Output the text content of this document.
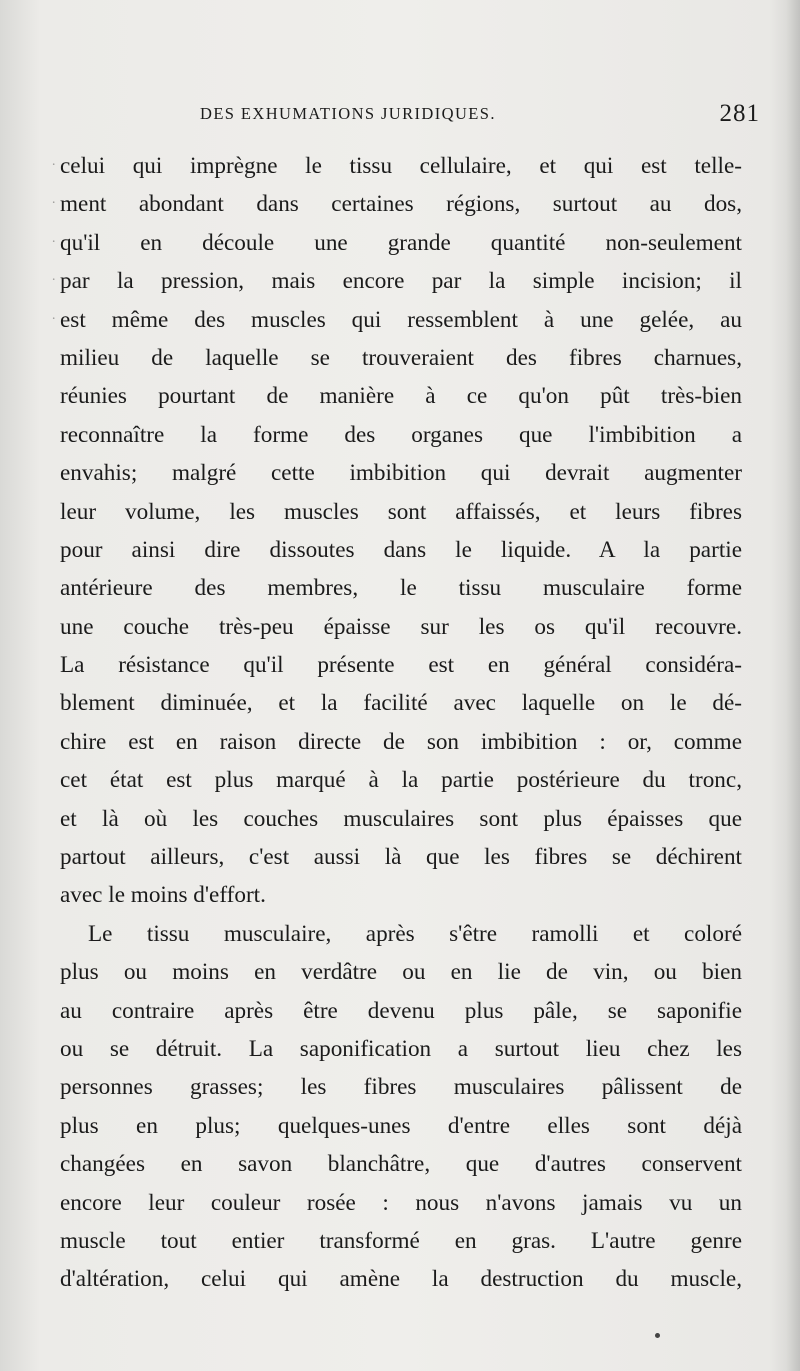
DES EXHUMATIONS JURIDIQUES.	281
·
·
·
·
·
celui qui imprègne le tissu cellulaire, et qui est telle-
ment abondant dans certaines régions, surtout au dos,
qu'il en découle une grande quantité non-seulement
par la pression, mais encore par la simple incision; il
est même des muscles qui ressemblent à une gelée, au
milieu de laquelle se trouveraient des fibres charnues,
réunies pourtant de manière à ce qu'on pût très-bien
reconnaître la forme des organes que l'imbibition a
envahis; malgré cette imbibition qui devrait augmenter
leur volume, les muscles sont affaissés, et leurs fibres
pour ainsi dire dissoutes dans le liquide. A la partie
antérieure des membres, le tissu musculaire forme
une couche très-peu épaisse sur les os qu'il recouvre.
La résistance qu'il présente est en général considéra-
blement diminuée, et la facilité avec laquelle on le dé-
chire est en raison directe de son imbibition : or, comme
cet état est plus marqué à la partie postérieure du tronc,
et là où les couches musculaires sont plus épaisses que
partout ailleurs, c'est aussi là que les fibres se déchirent
avec le moins d'effort.
Le tissu musculaire, après s'être ramolli et coloré
plus ou moins en verdâtre ou en lie de vin, ou bien
au contraire après être devenu plus pâle, se saponifie
ou se détruit. La saponification a surtout lieu chez les
personnes grasses; les fibres musculaires pâlissent de
plus en plus; quelques-unes d'entre elles sont déjà
changées en savon blanchâtre, que d'autres conservent
encore leur couleur rosée : nous n'avons jamais vu un
muscle tout entier transformé en gras. L'autre genre
d'altération, celui qui amène la destruction du muscle,
